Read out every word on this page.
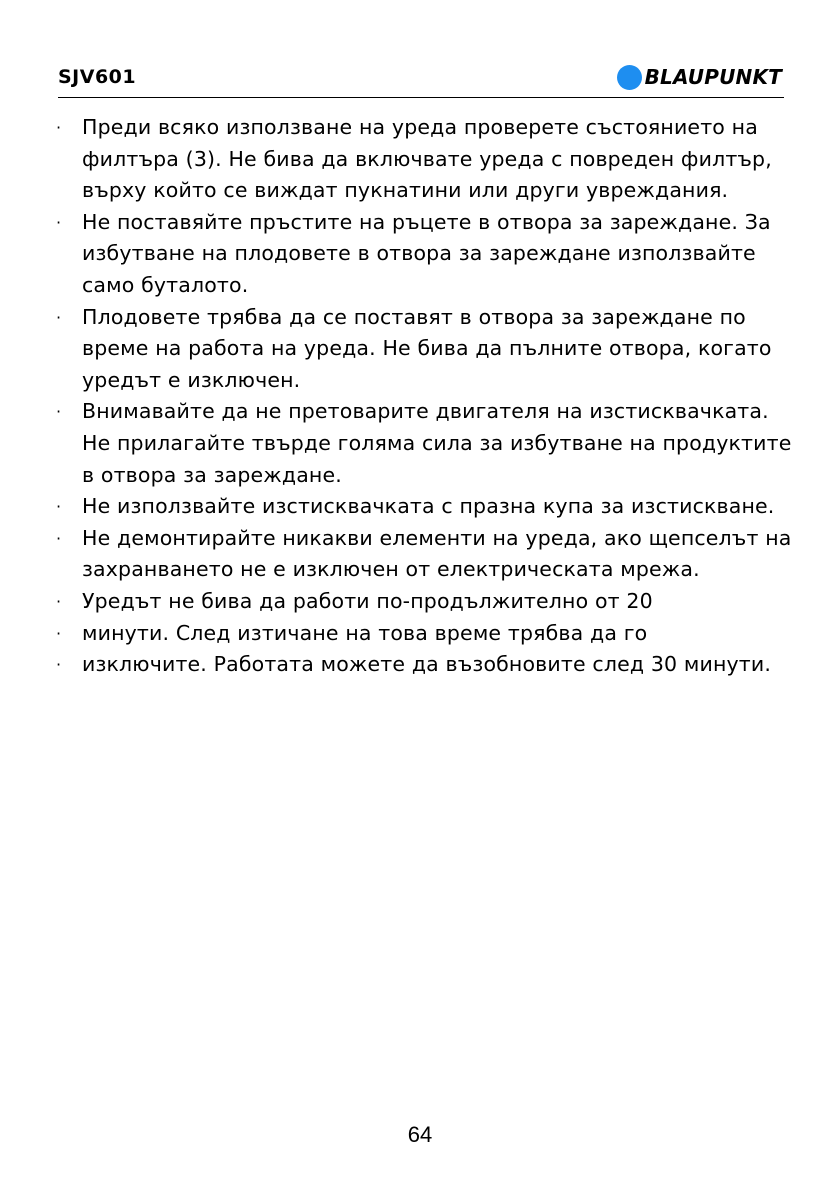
SJV601	BLAUPUNKT
· Преди всяко използване на уреда проверете състоянието на филтъра (3). Не бива да включвате уреда с повреден филтър, върху който се виждат пукнатини или други увреждания.
· Не поставяйте пръстите на ръцете в отвора за зареждане. За избутване на плодовете в отвора за зареждане използвайте само буталото.
· Плодовете трябва да се поставят в отвора за зареждане по време на работа на уреда. Не бива да пълните отвора, когато уредът е изключен.
· Внимавайте да не претоварите двигателя на изстисквачката. Не прилагайте твърде голяма сила за избутване на продуктите в отвора за зареждане.
· Не използвайте изстисквачката с празна купа за изстискване.
· Не демонтирайте никакви елементи на уреда, ако щепселът на захранването не е изключен от електрическата мрежа.
· Уредът не бива да работи по-продължително от 20
· минути. След изтичане на това време трябва да го
· изключите. Работата можете да възобновите след 30 минути.
64
